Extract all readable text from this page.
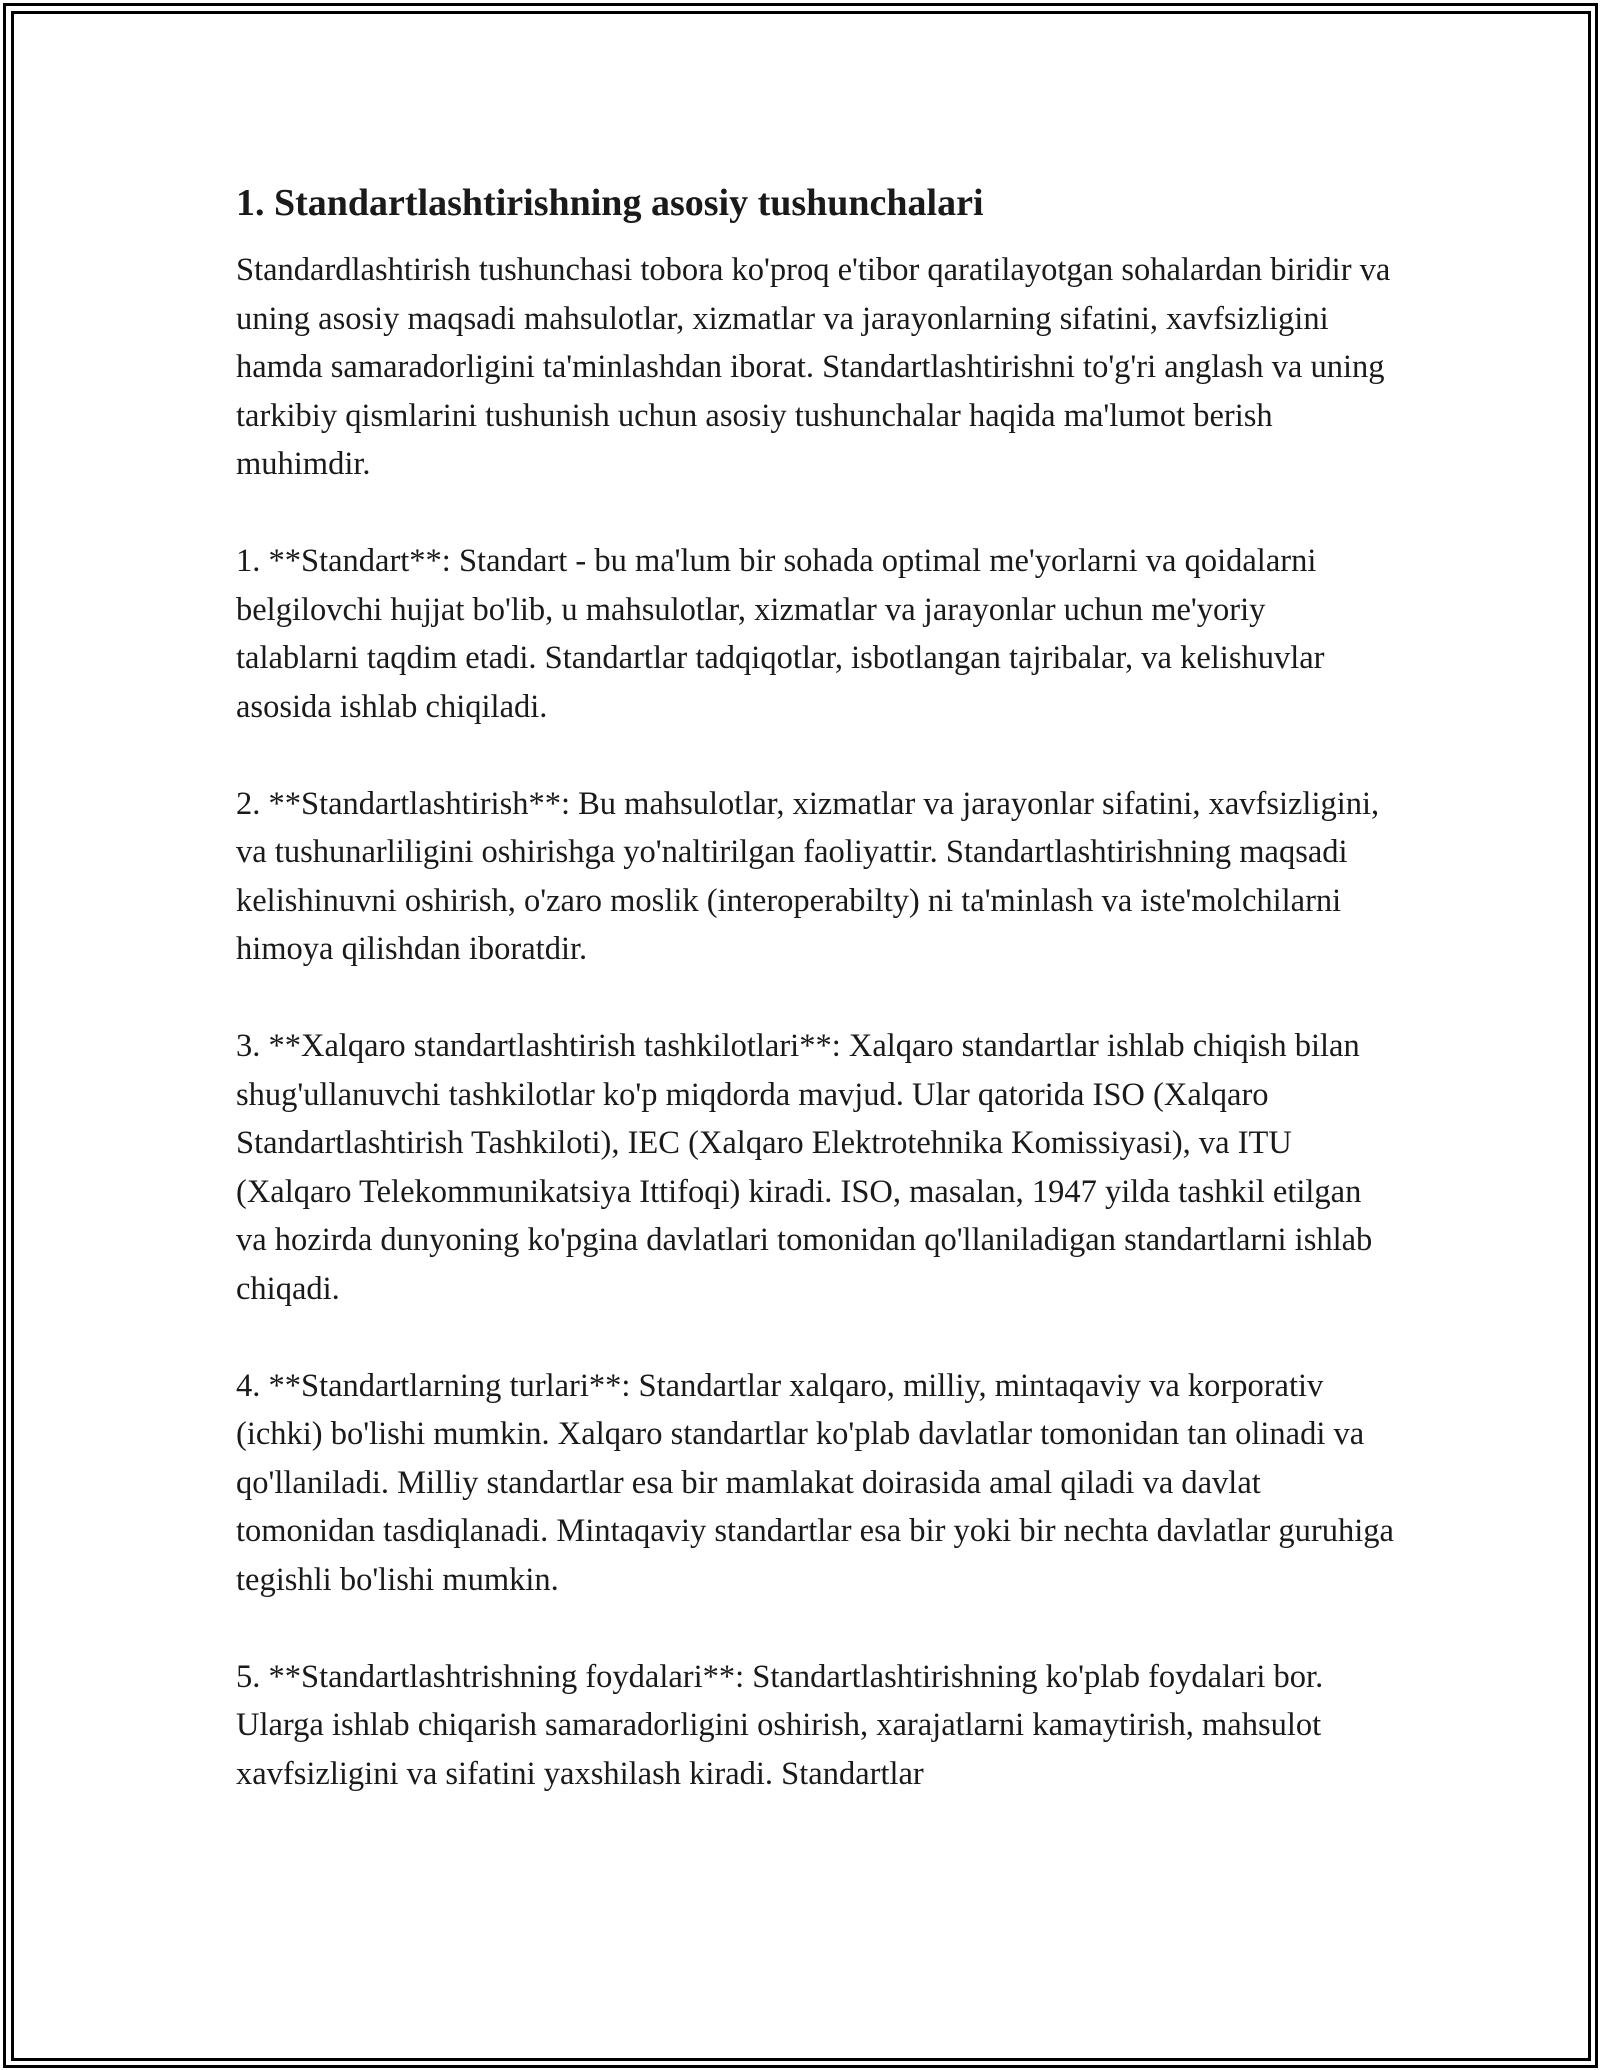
1. Standartlashtirishning asosiy tushunchalari

Standardlashtirish tushunchasi tobora ko'proq e'tibor qaratilayotgan sohalardan biridir va uning asosiy maqsadi mahsulotlar, xizmatlar va jarayonlarning sifatini, xavfsizligini hamda samaradorligini ta'minlashdan iborat. Standartlashtirishni to'g'ri anglash va uning tarkibiy qismlarini tushunish uchun asosiy tushunchalar haqida ma'lumot berish muhimdir.

1. **Standart**: Standart - bu ma'lum bir sohada optimal me'yorlarni va qoidalarni belgilovchi hujjat bo'lib, u mahsulotlar, xizmatlar va jarayonlar uchun me'yoriy talablarni taqdim etadi. Standartlar tadqiqotlar, isbotlangan tajribalar, va kelishuvlar asosida ishlab chiqiladi.

2. **Standartlashtirish**: Bu mahsulotlar, xizmatlar va jarayonlar sifatini, xavfsizligini, va tushunarliligini oshirishga yo'naltirilgan faoliyattir. Standartlashtirishning maqsadi kelishinuvni oshirish, o'zaro moslik (interoperabilty) ni ta'minlash va iste'molchilarni himoya qilishdan iboratdir.

3. **Xalqaro standartlashtirish tashkilotlari**: Xalqaro standartlar ishlab chiqish bilan shug'ullanuvchi tashkilotlar ko'p miqdorda mavjud. Ular qatorida ISO (Xalqaro Standartlashtirish Tashkiloti), IEC (Xalqaro Elektrotehnika Komissiyasi), va ITU (Xalqaro Telekommunikatsiya Ittifoqi) kiradi. ISO, masalan, 1947 yilda tashkil etilgan va hozirda dunyoning ko'pgina davlatlari tomonidan qo'llaniladigan standartlarni ishlab chiqadi.

4. **Standartlarning turlari**: Standartlar xalqaro, milliy, mintaqaviy va korporativ (ichki) bo'lishi mumkin. Xalqaro standartlar ko'plab davlatlar tomonidan tan olinadi va qo'llaniladi. Milliy standartlar esa bir mamlakat doirasida amal qiladi va davlat tomonidan tasdiqlanadi. Mintaqaviy standartlar esa bir yoki bir nechta davlatlar guruhiga tegishli bo'lishi mumkin.

5. **Standartlashtrishning foydalari**: Standartlashtirishning ko'plab foydalari bor. Ularga ishlab chiqarish samaradorligini oshirish, xarajatlarni kamaytirish, mahsulot xavfsizligini va sifatini yaxshilash kiradi. Standartlar
